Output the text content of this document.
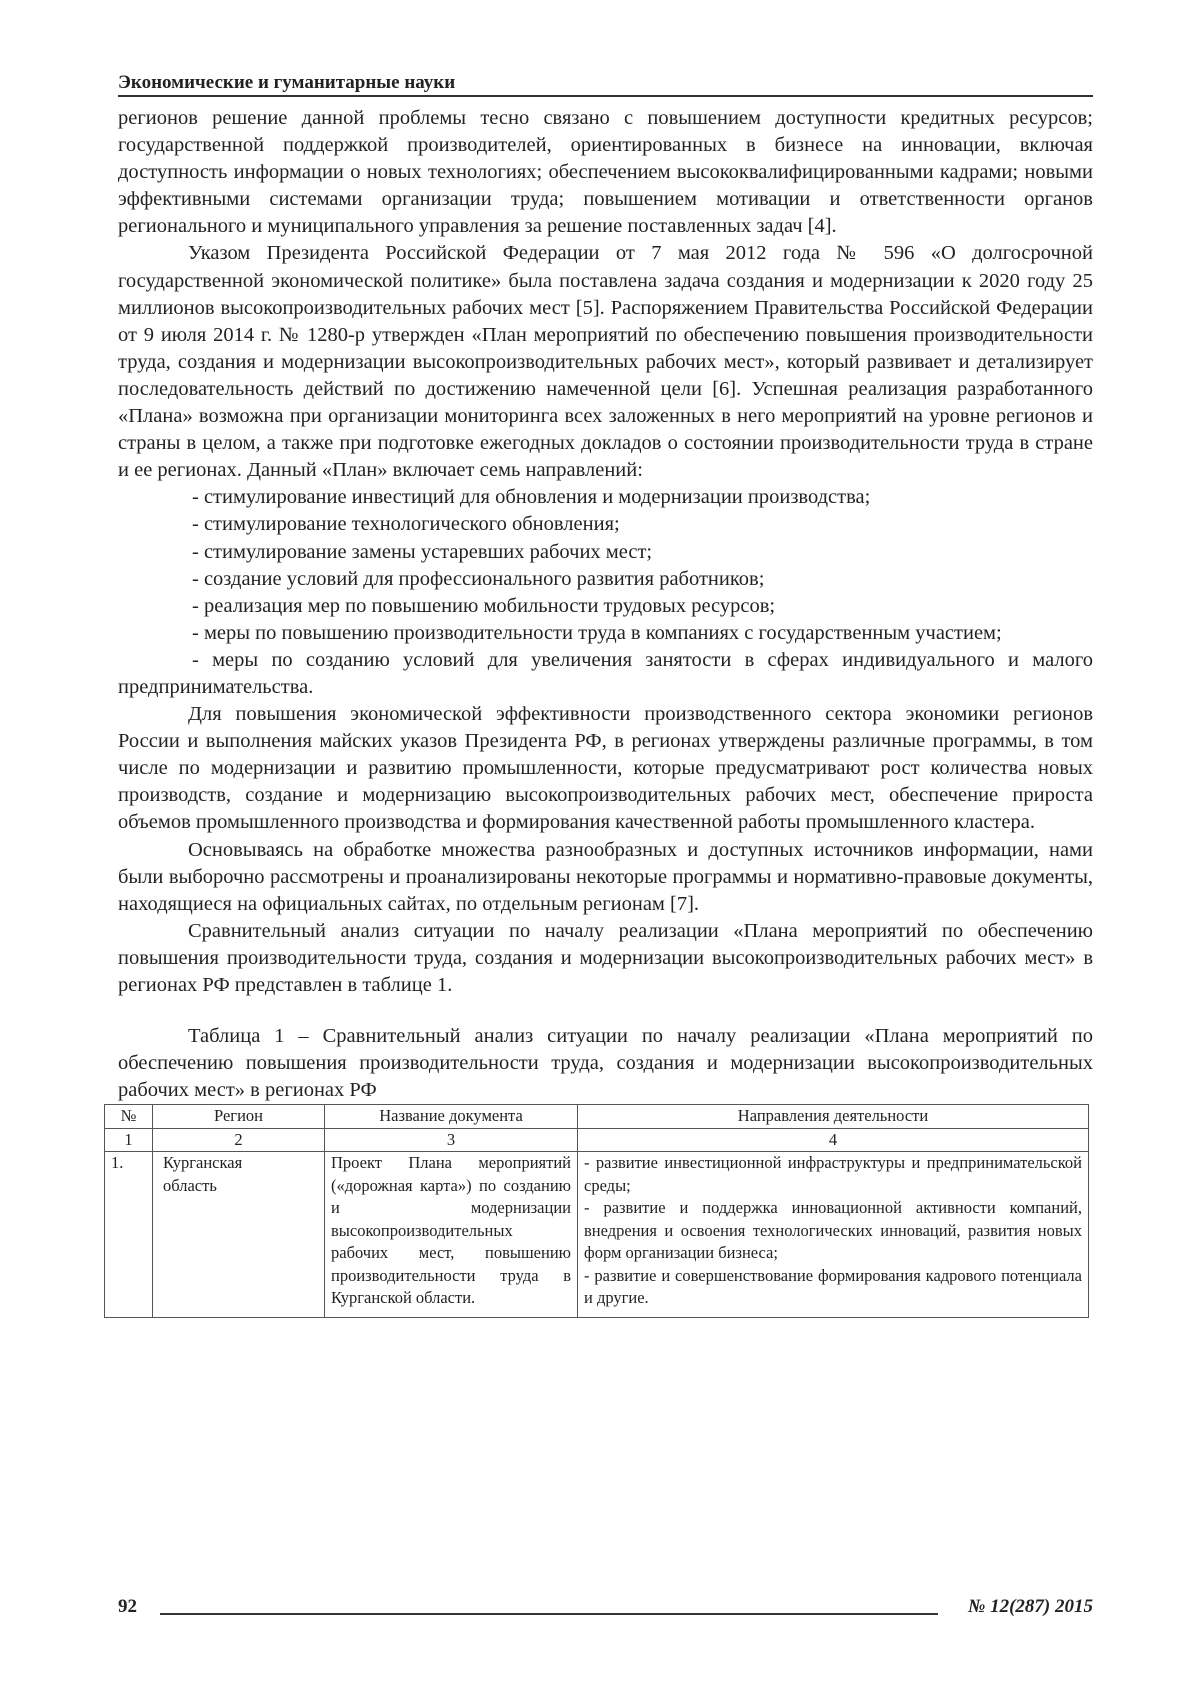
Экономические и гуманитарные науки

регионов решение данной проблемы тесно связано с повышением доступности кредитных ресурсов; государственной поддержкой производителей, ориентированных в бизнесе на инновации, включая доступность информации о новых технологиях; обеспечением высококвалифицированными кадрами; новыми эффективными системами организации труда; повышением мотивации и ответственности органов регионального и муниципального управления за решение поставленных задач [4].

Указом Президента Российской Федерации от 7 мая 2012 года № 596 «О долгосрочной государственной экономической политике» была поставлена задача создания и модернизации к 2020 году 25 миллионов высокопроизводительных рабочих мест [5]. Распоряжением Правительства Российской Федерации от 9 июля 2014 г. № 1280-р утвержден «План мероприятий по обеспечению повышения производительности труда, создания и модернизации высокопроизводительных рабочих мест», который развивает и детализирует последовательность действий по достижению намеченной цели [6]. Успешная реализация разработанного «Плана» возможна при организации мониторинга всех заложенных в него мероприятий на уровне регионов и страны в целом, а также при подготовке ежегодных докладов о состоянии производительности труда в стране и ее регионах. Данный «План» включает семь направлений:

- стимулирование инвестиций для обновления и модернизации производства;

- стимулирование технологического обновления;

- стимулирование замены устаревших рабочих мест;

- создание условий для профессионального развития работников;

- реализация мер по повышению мобильности трудовых ресурсов;

- меры по повышению производительности труда в компаниях с государственным участием;

- меры по созданию условий для увеличения занятости в сферах индивидуального и малого предпринимательства.

Для повышения экономической эффективности производственного сектора экономики регионов России и выполнения майских указов Президента РФ, в регионах утверждены различные программы, в том числе по модернизации и развитию промышленности, которые предусматривают рост количества новых производств, создание и модернизацию высокопроизводительных рабочих мест, обеспечение прироста объемов промышленного производства и формирования качественной работы промышленного кластера.

Основываясь на обработке множества разнообразных и доступных источников информации, нами были выборочно рассмотрены и проанализированы некоторые программы и нормативно-правовые документы, находящиеся на официальных сайтах, по отдельным регионам [7].

Сравнительный анализ ситуации по началу реализации «Плана мероприятий по обеспечению повышения производительности труда, создания и модернизации высокопроизводительных рабочих мест» в регионах РФ представлен в таблице 1.

Таблица 1 – Сравнительный анализ ситуации по началу реализации «Плана мероприятий по обеспечению повышения производительности труда, создания и модернизации высокопроизводительных рабочих мест» в регионах РФ
№	Регион	Название документа	Направления деятельности
1	2	3	4
1.	Курганская область	Проект Плана мероприятий («дорожная карта») по созданию и модернизации высокопроизводительных рабочих мест, повышению производительности труда в Курганской области.	- развитие инвестиционной инфраструктуры и предпринимательской среды;
- развитие и поддержка инновационной активности компаний, внедрения и освоения технологических инноваций, развития новых форм организации бизнеса;
- развитие и совершенствование формирования кадрового потенциала и другие.
92	№ 12(287) 2015
